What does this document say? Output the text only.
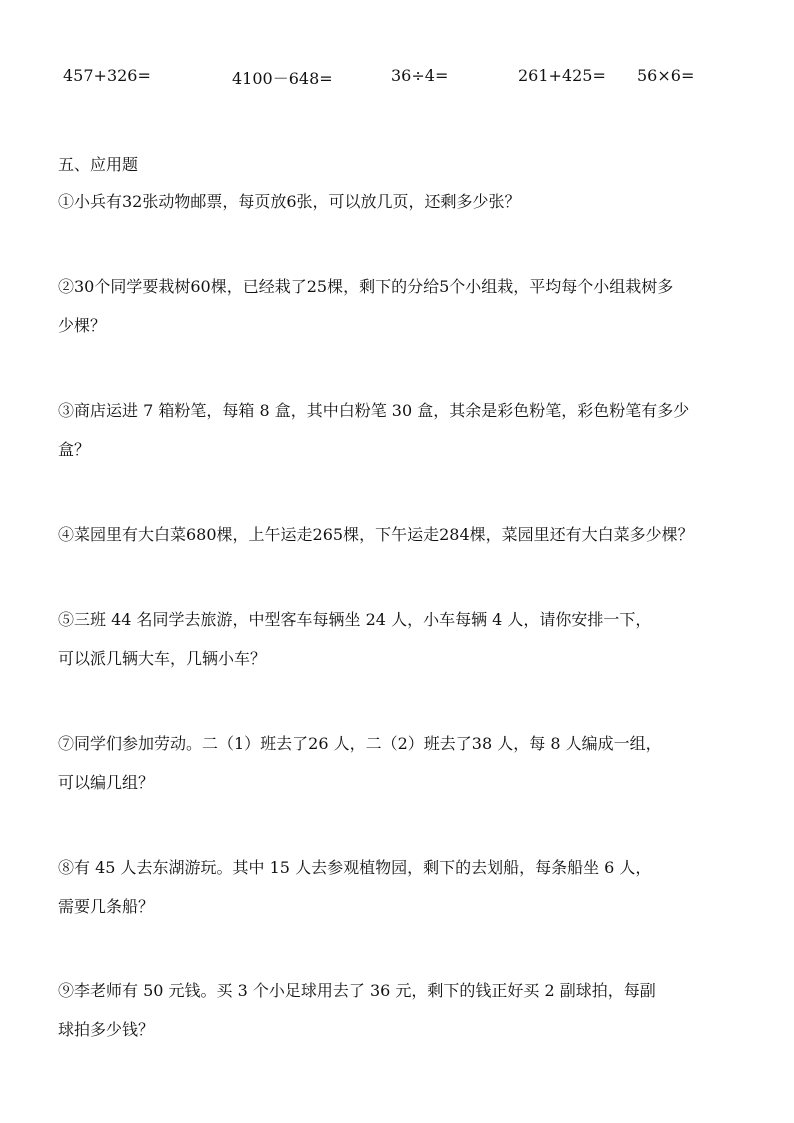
457+326=	4100－648=	36÷4=	261+425= 56×6=
五、应用题
①小兵有32张动物邮票，每页放6张，可以放几页，还剩多少张？
②30个同学要栽树60棵，已经栽了25棵，剩下的分给5个小组栽，平均每个小组栽树多
少棵？
③商店运进 7 箱粉笔，每箱 8 盒，其中白粉笔 30 盒，其余是彩色粉笔，彩色粉笔有多少
盒？
④菜园里有大白菜680棵，上午运走265棵，下午运走284棵，菜园里还有大白菜多少棵？
⑤三班 44 名同学去旅游，中型客车每辆坐 24 人，小车每辆 4 人，请你安排一下，
可以派几辆大车，几辆小车？
⑦同学们参加劳动。二（1）班去了26 人，二（2）班去了38 人，每 8 人编成一组，
可以编几组？
⑧有 45 人去东湖游玩。其中 15 人去参观植物园，剩下的去划船，每条船坐 6 人，
需要几条船？
⑨李老师有 50 元钱。买 3 个小足球用去了 36 元，剩下的钱正好买 2 副球拍，每副
球拍多少钱？
